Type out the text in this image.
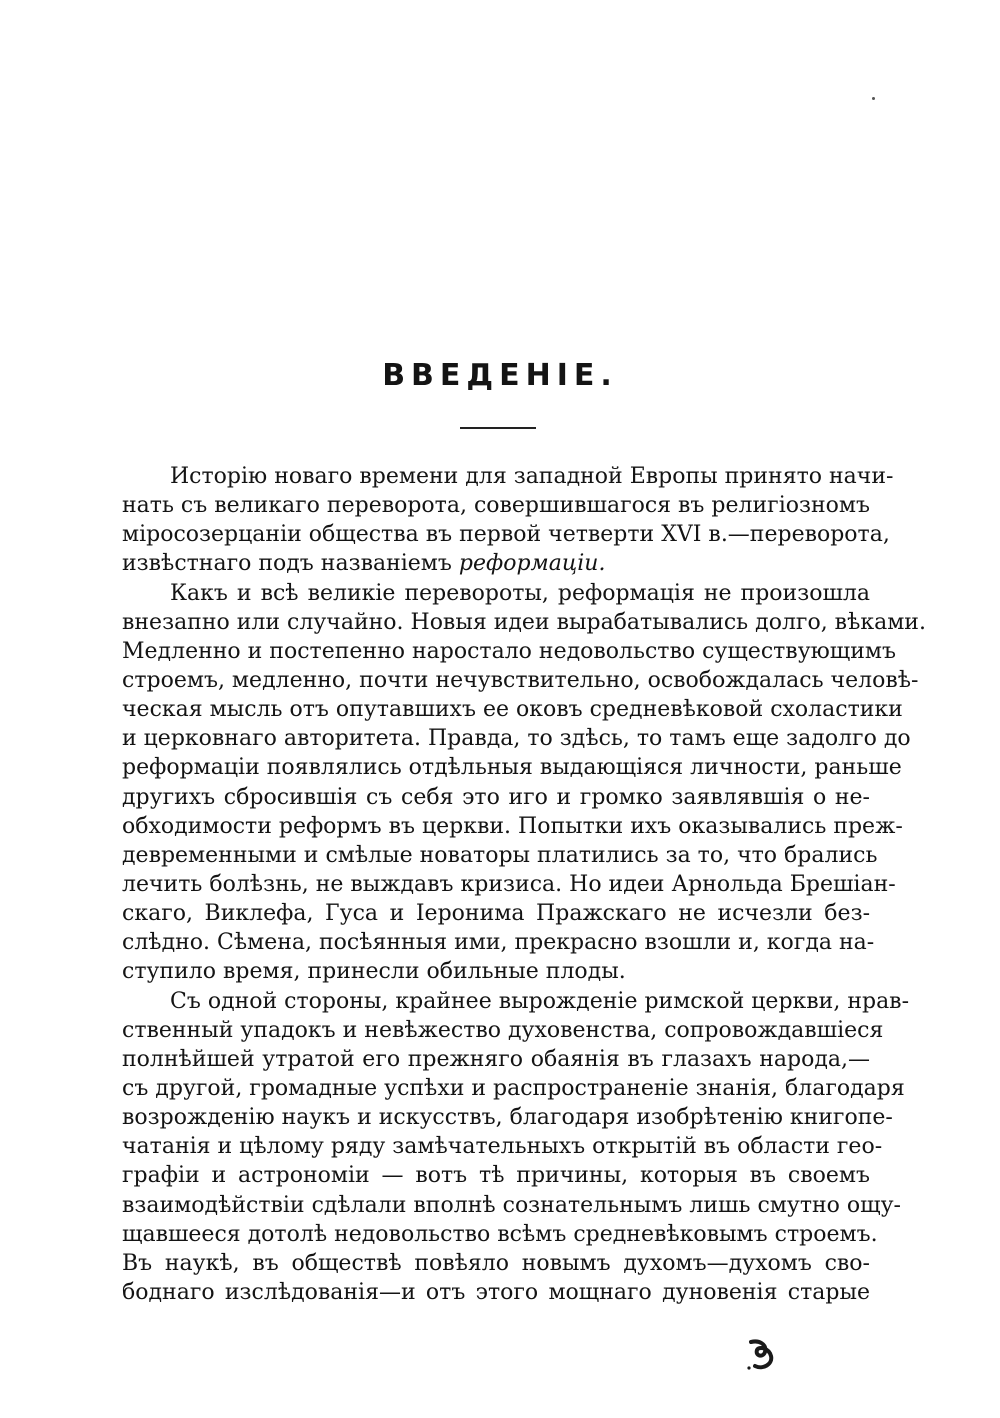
ВВЕДЕНІЕ.
Исторію новаго времени для западной Европы принято начи-
нать съ великаго переворота, совершившагося въ религіозномъ
міросозерцаніи общества въ первой четверти XVI в.—переворота,
извѣстнаго подъ названіемъ реформаціи.
Какъ и всѣ великіе перевороты, реформація не произошла
внезапно или случайно. Новыя идеи вырабатывались долго, вѣками.
Медленно и постепенно наростало недовольство существующимъ
строемъ, медленно, почти нечувствительно, освобождалась человѣ-
ческая мысль отъ опутавшихъ ее оковъ средневѣковой схоластики
и церковнаго авторитета. Правда, то здѣсь, то тамъ еще задолго до
реформаціи появлялись отдѣльныя выдающіяся личности, раньше
другихъ сбросившія съ себя это иго и громко заявлявшія о не-
обходимости реформъ въ церкви. Попытки ихъ оказывались преж-
девременными и смѣлые новаторы платились за то, что брались
лечить болѣзнь, не выждавъ кризиса. Но идеи Арнольда Брешіан-
скаго, Виклефа, Гуса и Іеронима Пражскаго не исчезли без-
слѣдно. Сѣмена, посѣянныя ими, прекрасно взошли и, когда на-
ступило время, принесли обильные плоды.
Съ одной стороны, крайнее вырожденіе римской церкви, нрав-
ственный упадокъ и невѣжество духовенства, сопровождавшіеся
полнѣйшей утратой его прежняго обаянія въ глазахъ народа,—
съ другой, громадные успѣхи и распространеніе знанія, благодаря
возрожденію наукъ и искусствъ, благодаря изобрѣтенію книгопе-
чатанія и цѣлому ряду замѣчательныхъ открытій въ области гео-
графіи и астрономіи — вотъ тѣ причины, которыя въ своемъ
взаимодѣйствіи сдѣлали вполнѣ сознательнымъ лишь смутно ощу-
щавшееся дотолѣ недовольство всѣмъ средневѣковымъ строемъ.
Въ наукѣ, въ обществѣ повѣяло новымъ духомъ—духомъ сво-
боднаго изслѣдованія—и отъ этого мощнаго дуновенія старые
